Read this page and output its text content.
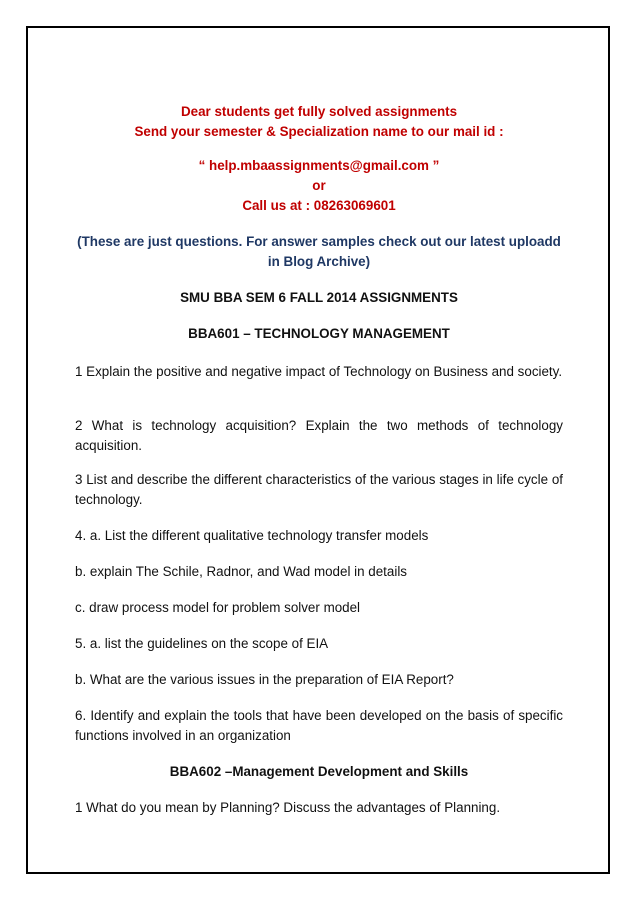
Dear students get fully solved assignments

Send your semester & Specialization name to our mail id :

“ help.mbaassignments@gmail.com ”

or

Call us at : 08263069601

(These are just questions. For answer samples check out our latest uploadd in Blog Archive)

SMU BBA SEM 6 FALL 2014 ASSIGNMENTS

BBA601 – TECHNOLOGY MANAGEMENT

1 Explain the positive and negative impact of Technology on Business and society.

2 What is technology acquisition? Explain the two methods of technology acquisition.

3 List and describe the different characteristics of the various stages in life cycle of technology.

4. a. List the different qualitative technology transfer models

b. explain The Schile, Radnor, and Wad model in details

c. draw process model for problem solver model

5. a. list the guidelines on the scope of EIA

b. What are the various issues in the preparation of EIA Report?

6. Identify and explain the tools that have been developed on the basis of specific functions involved in an organization

BBA602 –Management Development and Skills

1 What do you mean by Planning? Discuss the advantages of Planning.
